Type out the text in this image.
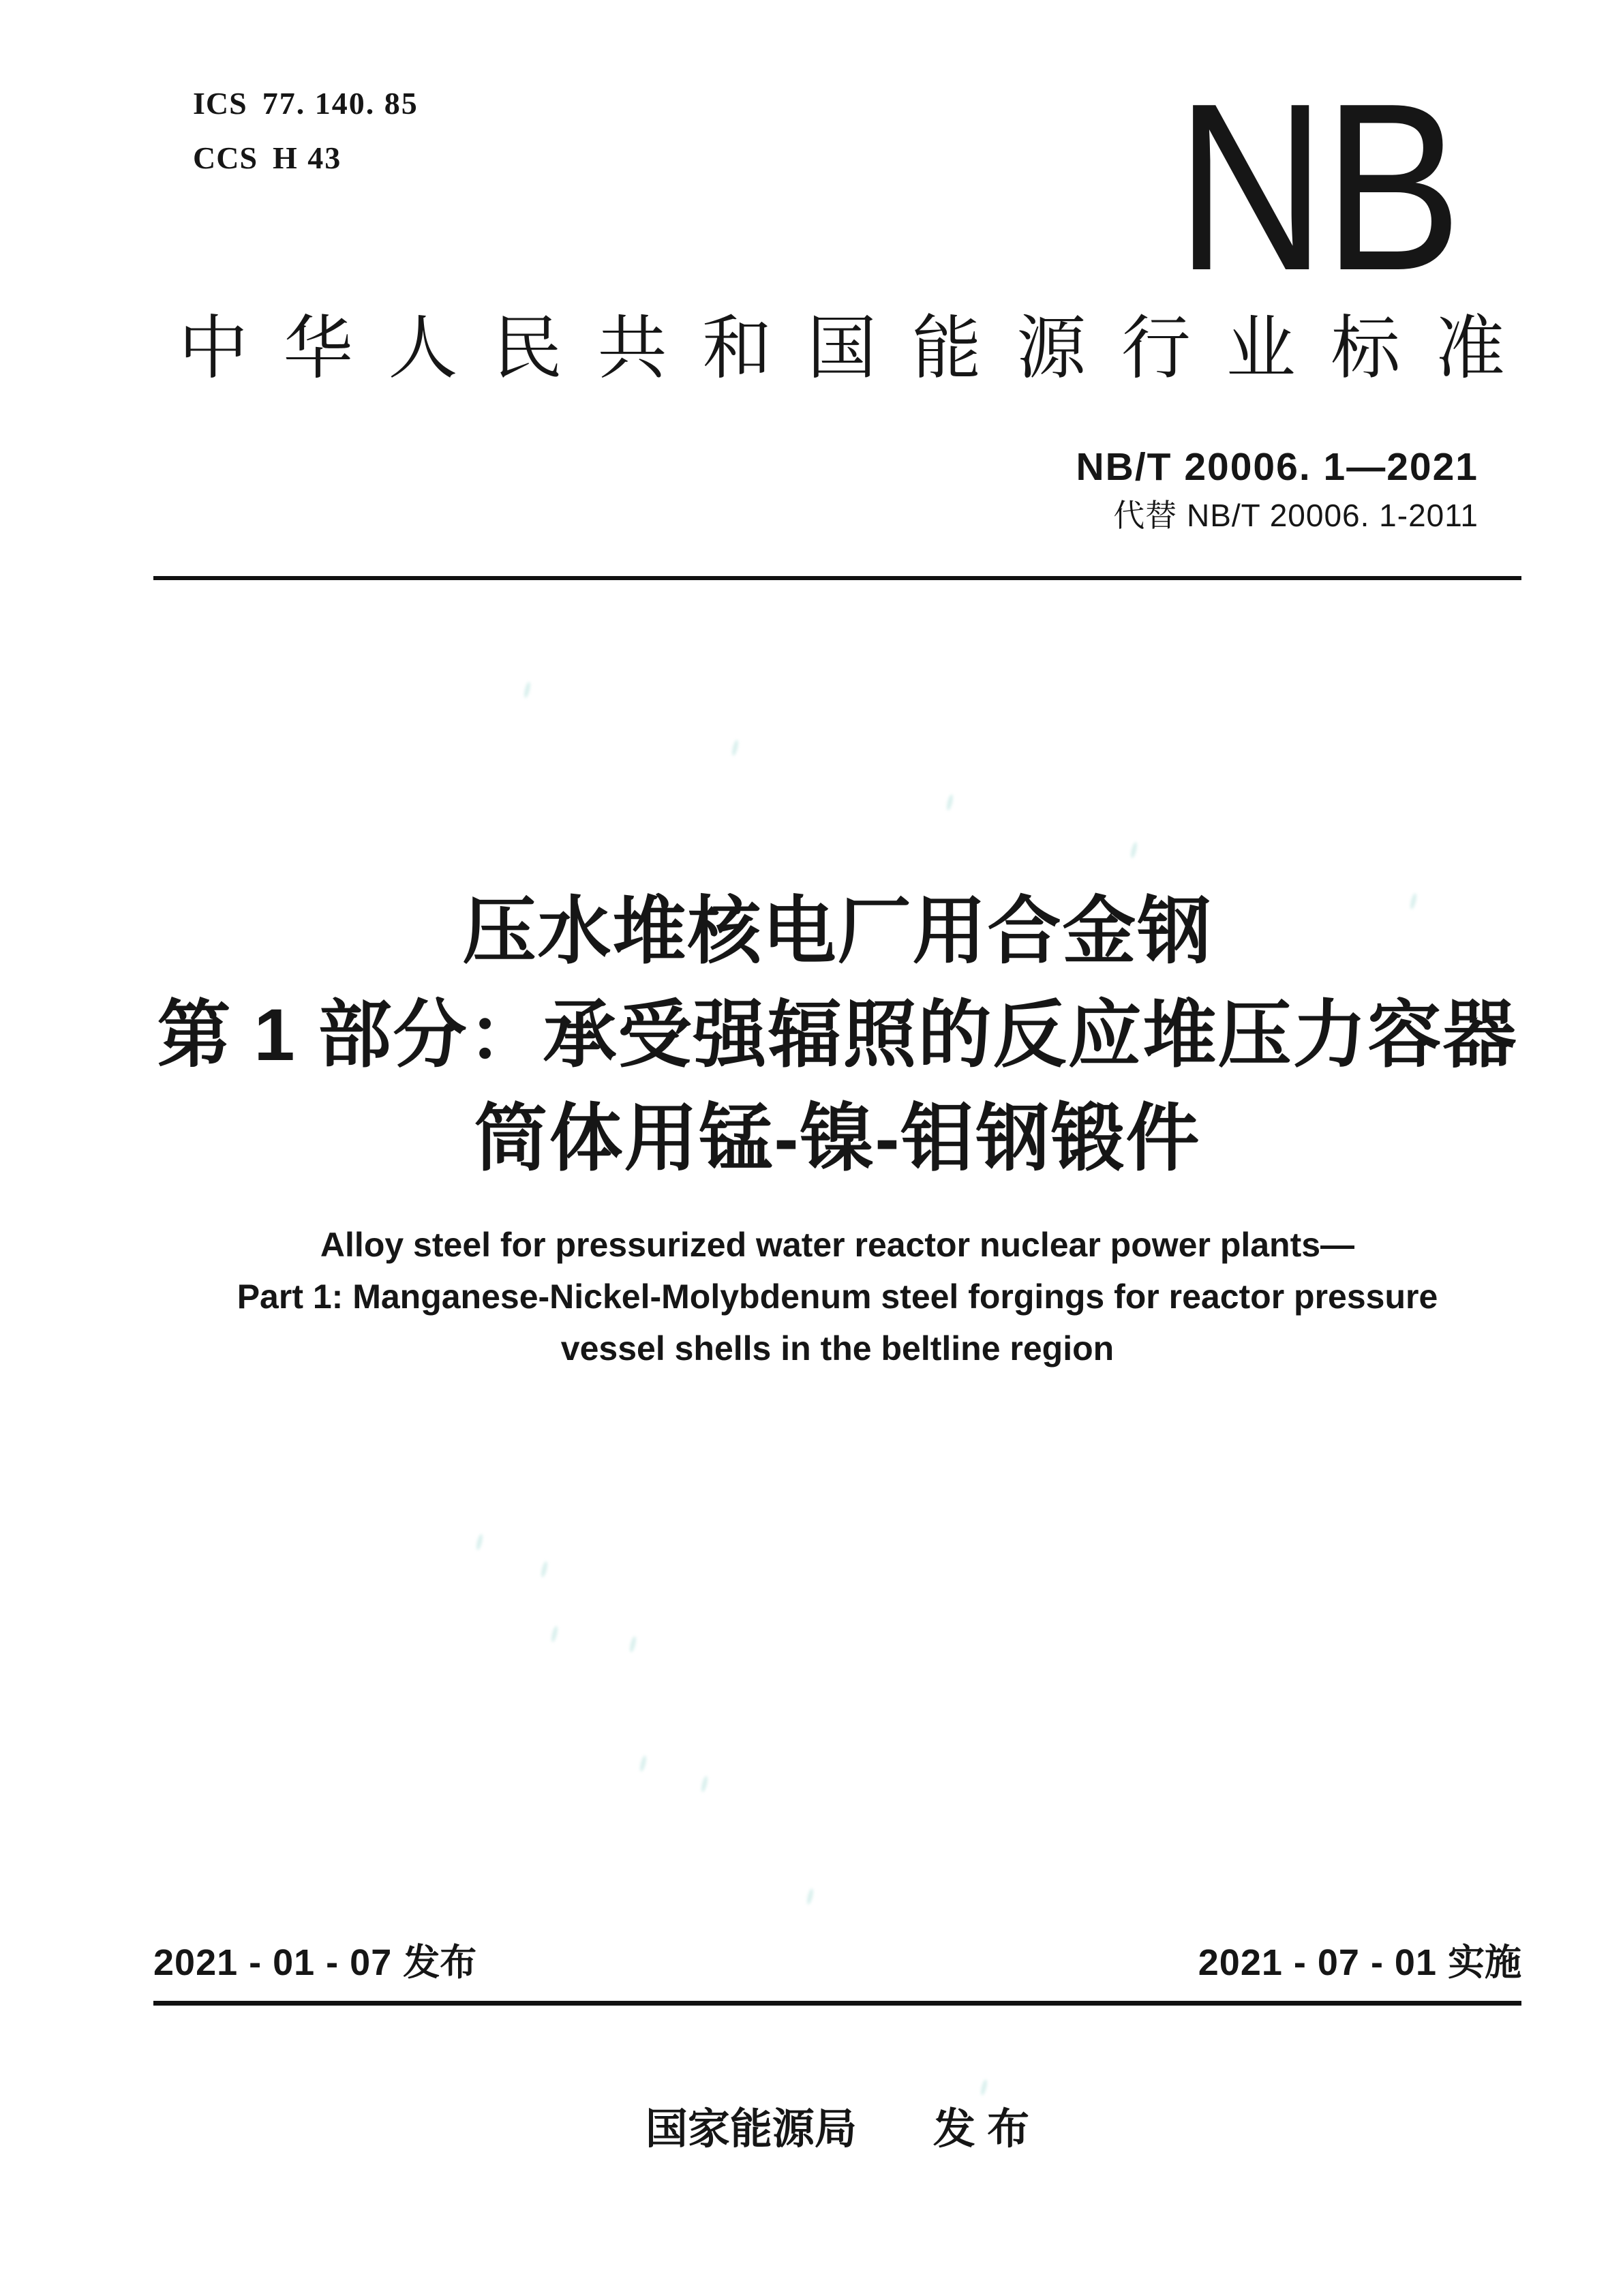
ICS 77. 140. 85
CCS H 43	NB
中 华 人 民 共 和 国 能 源 行 业 标 准
NB/T 20006. 1—2021
代替 NB/T 20006. 1-2011
压水堆核电厂用合金钢
第 1 部分：承受强辐照的反应堆压力容器
筒体用锰-镍-钼钢锻件
Alloy steel for pressurized water reactor nuclear power plants—
Part 1: Manganese-Nickel-Molybdenum steel forgings for reactor pressure
vessel shells in the beltline region
2021 - 01 - 07 发布	2021 - 07 - 01 实施
国家能源局 发 布
